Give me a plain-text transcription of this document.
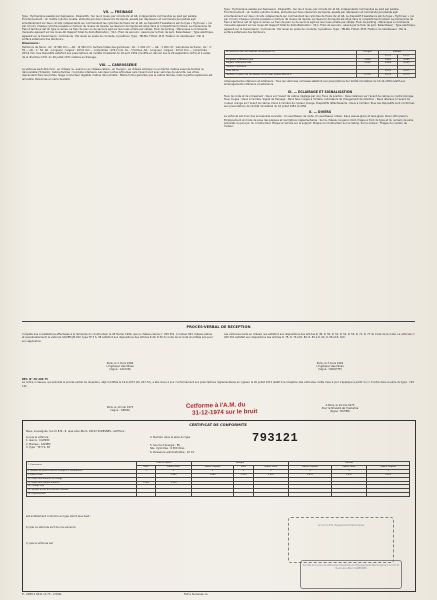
VII. — FREINAGE

Type : Hydraulique assisté par dépression. Dispositifs : Sur les 4 roues, par circuits AV. et AR. indépendants commandés au pied par pédale. Fonctionnement : Un maître-cylindre double, alimenté par deux réservoirs de liquide, assisté par dépression et commandé par pédale agit simultanément sur deux circuits indépendants qui commandent les cylindres de freins AV. et AR. Le dispositif d'assistance est du type « Hydrovac » (un par circuit). Chaque cylindre possède un témoin de niveau de liquide. Le réservoir de liquide est situé dans le compartiment moteur. Le mécanisme de frein à tambour est du type à cames. Le frein de parc ou de secours agit sur les roues arrière par câbles. Frein de parking : Mécanique à commande manuelle agissant sur les roues AR. Rapport total de démultiplication : 32,1. Frein de secours : Assuré par le frein de parc. Ralentisseur : Type électrique, agissant sur la transmission. Commande : Par levier au poste de conduite, 4 positions. Type : TELMA, FOCAL 45 B. Fixation du ralentisseur : Par la surface extérieure des tambours.

Dimensions :

Tambours de freins : AV. : Ø 360 mm — AR. : Ø 360 mm. Surface totale des garnitures : AV. : 1 000 cm² — AR. : 1 000 cm². Garnitures de freins : AV. : 1ʳᵉ 50 — AR. : 1ʳᵉ 50. AR. : Longueur : largeur : 203,6 mm — comprimée : 476,2 mm. AV. : 3 fermes. AR. : Longueur : largeur : 203,6 mm — comprimée : 203,6 mm. Ces dispositifs satisfont aux prescriptions de l'arrêté ministériel du 18 avril 1959 (modifié en dernier lieu le 29 septembre 1974) et à celles de la directive C.E.E. du 26 juillet 1971 relative au freinage.

VIII. — CARROSSERIE

Le véhicule peut être livré : en châssis nu, avant ou en châssis-cabine ; en fourgon ; en châssis intérieur ou en bâché. Cabine avancée fermée ou découvrable (Torpédo). Cabine fermée : Conduite intérieure. Les deux portes articulées vers l'avant sont avec serrures de sécurité. Les vitres descendent dans les portes. Siège conducteur réglable. Cabine découvrable : Même forme générale que la cabine fermée, mais la partie supérieure est amovible. Pare-brise en verre feuilleté.

Type : Hydraulique assisté par dépression. Dispositifs : Sur les 4 roues, par circuits AV. et AR. indépendants commandés au pied par pédale. Fonctionnement : Un maître-cylindre double, alimenté par deux réservoirs de liquide, assisté par dépression et commandé par pédale agit simultanément sur deux circuits indépendants qui commandent les cylindres de freins AV. et AR. Le dispositif d'assistance est du type « Hydrovac » (un par circuit). Chaque cylindre possède un témoin de niveau de liquide. Le réservoir de liquide est situé dans le compartiment moteur. Le mécanisme de frein à tambour est du type à cames. Le frein de parc ou de secours agit sur les roues arrière par câbles. Frein de parking : Mécanique à commande manuelle agissant sur les roues AR. Rapport total de démultiplication : 32,1. Frein de secours : Assuré par le frein de parc. Ralentisseur : Type électrique, agissant sur la transmission. Commande : Par levier au poste de conduite, 4 positions. Type : TELMA, FOCAL 45 B. Fixation du ralentisseur : Par la surface extérieure des tambours.

Dimensions des carrosseries de série (en m)	Fourgon	Plateau	
		15 m³	11 m³
Longueur intérieure utile	3,600	3,625	3,085
Largeur intérieure utile	2,000	2,000	2,000
Hauteur intérieure			
Sous bâche		1,675	1,675
Hauteur du plancher au-dessus du sol avec pneus 900-20 X	0,776	1,175	1,175

Aménagements intérieurs et extérieurs : Tous les véhicules carrossés satisfont aux prescriptions de l'arrêté ministériel du 10-12-1959 relatif aux aménagements intérieurs et extérieurs.

IX. — ECLAIRAGE ET SIGNALISATION

Feux de route et de croisement : Deux sur l'avant de cabine (réglage par vis). Feux de position : Deux latéraux sur l'avant de cabine ou coutre blocage. Feux rouges : Deux à l'arrière. Signal de freinage : Deux feux rouges à l'arrière. Indicateurs de changement de direction : Deux latéraux à l'avant de couleur orange sur l'avant de cabine. Deux à l'arrière de couleur orange. Dispositifs réfléchissants : Deux à l'arrière. Tous ces dispositifs sont conformes aux prescriptions de l'arrêté ministériel du 16 juillet 1954 modifié.

X. — DIVERS

Le véhicule est muni des accessoires suivants : Un avertisseur de route. Un avertisseur urbain. Deux essuie-glace et lave-glace. Deux rétroviseurs. Emplacement et mode de pose des plaques et inscriptions réglementaires : Sur le châssis, longeron droit, frappe à froid du type et du numéro de série précédés du poinçon du constructeur. Plaque à l'arrière sur le support. Plaque du constructeur sur la cabine. Sur le moteur : Frappe du numéro de moteur.

PROCES-VERBAL DE RECEPTION

Il résulte des constatations effectuées à la demande du constructeur le 28 février 1969, que le châssis-cabine nᵒ 200 501, à moteur 661 châssis-cabine et (éventuellement) le véhicule SAVIEM JM 200, type TP 3 S, 38 satisfont aux dispositions des articles R 49, R 50 du Code de la route et arrêtés pris pour son application.

Les véhicules livrés en châssis nus satisfont aux dispositions des articles R. 49, R. 50, R. 51, R. 52, R. 55, R. 71, R. 77 du Code de la route. Le véhicule nº 200 501 satisfait aux dispositions des articles R. 78, R. 79 et R. 80, R. 82 à R. 92, R. 98 et R. 100.

Paris, le 3 mars 1969
L'Ingénieur des Mines
(Signé : GAUVIN)
Paris, le 3 mars 1969
L'Ingénieur des Mines
(Signé : HADOTTE)
REC. N° AU 206 75

La notice ci-dessus, qui précède le procès-verbal de réception, déjà modifiée le 19-6-1973 (AU 207-72), a été revue à jour conformément aux prescriptions réglementaires en vigueur le 20 juillet 1974 relatif à la réception des véhicules. Cette mise à jour s'applique à partir du nº d'ordre dans la série du type : 793 121.

Paris, le 10 mai 1975
(Signé : GERIN)
A Paris, le 10 mai 1975
Pour le Ministre de l'Industrie
(Signé : MOYER)
Cetforme à l'A.M. du
31-12-1974 sur le bruit
CERTIFICAT DE CONFORMITE
Nous, soussignés, S.A.V.I.E.M., 8, quai Léon-Blum, 92152 SURESNES, certifions :
a) que le véhicule :
1. Genre : CAMION
2. Marque : SAVIEM
3. Type : TP 3 S, 38
4. Numéro dans la série du type	793121
5. Source d'énergie : ES.
Sbs. Cylindrée : 6 650 litres
6. Puissance administrative : 22 CV
7. Carrosserie	Châssis-cabine		Fourgon			Plateau		
	tôlée	cabine tôlée	cabine torpédo	tôlée	cabine tôlée	cabine torpédo	cabine tôlée	cabine torpédo
8. Nombre de places assises (compris le conducteur)	3	3	3	3	3	3	3	3
9. Poids à vide		3 480	3 480	3 920	3 920	3 870	3 870	3 870
10. Poids total autorisé en charge								
11. Poids total roulant autorisé	3 900	3 900						
12. Charge utile								
13. Surface au sol du véhicule carrossé								
14. Dépassement								
est entièrement conforme au type décrit plus haut ;
b) que ce véhicule sort de nos usines le
c) que le véhicule est
Le S.A.V.I.E.M. Equipements Mécaniques
Société Anonyme de Véhicules Industriels et d'Equipements Mécaniques S.A.V.I.E.M. Quai Léon-Blum SURESNES
P - 2089 2 9411 (4-73 - 2 000)	Fait à Suresnes, le
